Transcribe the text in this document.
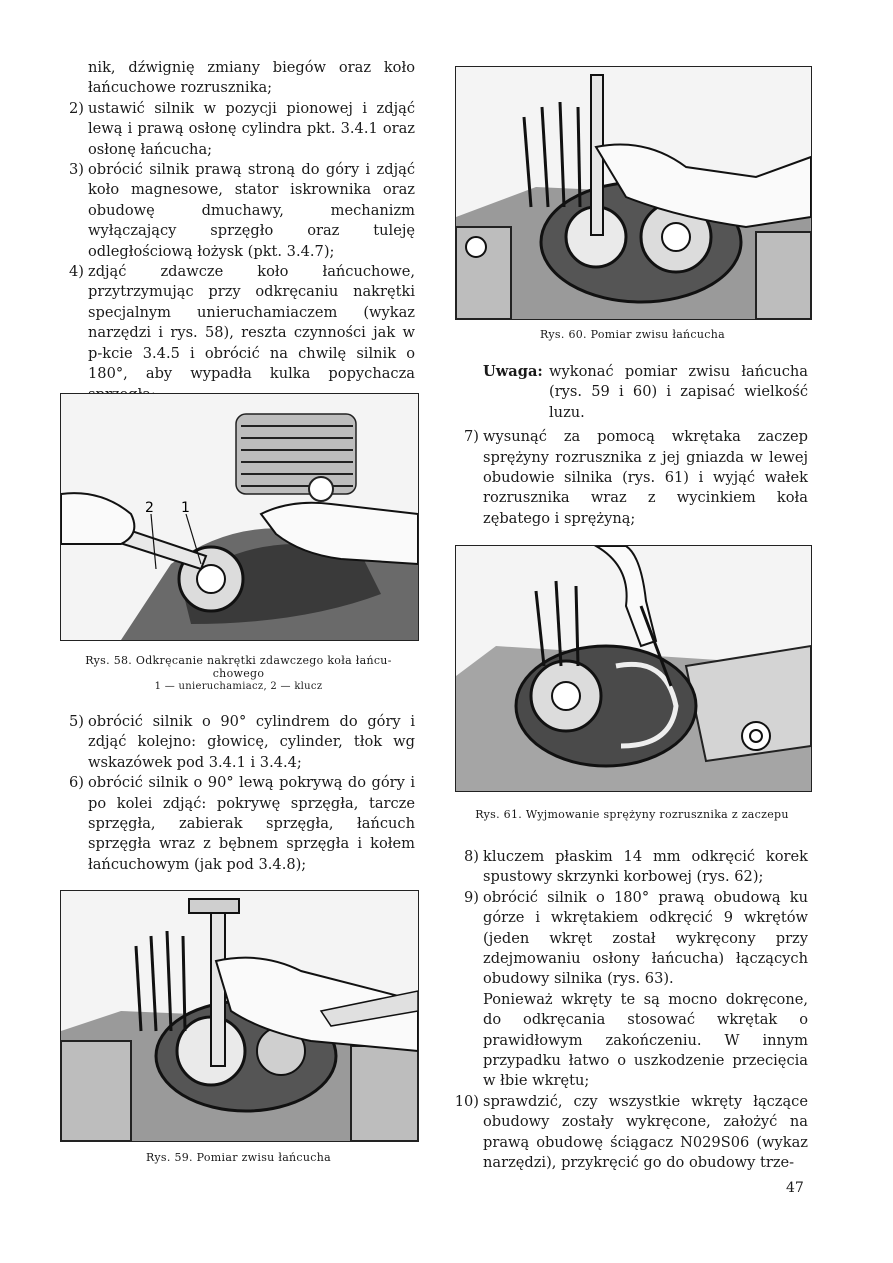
nik, dźwignię zmiany biegów oraz koło łańcuchowe rozrusznika;

2) ustawić silnik w pozycji pionowej i zdjąć lewą i prawą osłonę cylindra pkt. 3.4.1 oraz osłonę łańcucha;

3) obrócić silnik prawą stroną do góry i zdjąć koło magnesowe, stator iskrownika oraz obudowę dmuchawy, mechanizm wyłączający sprzęgło oraz tuleję odległościową łożysk (pkt. 3.4.7);

4) zdjąć zdawcze koło łańcuchowe, przytrzymując przy odkręcaniu nakrętki specjalnym unieruchamiaczem (wykaz narzędzi i rys. 58), reszta czynności jak w p-kcie 3.4.5 i obrócić na chwilę silnik o 180°, aby wypadła kulka popychacza

2 1
Rys. 58. Odkręcanie nakrętki zdawczego koła łańcu-
chowego
1 — unieruchamiacz, 2 — klucz
5) obrócić silnik o 90° cylindrem do góry i zdjąć kolejno: głowicę, cylinder, tłok wg wskazówek pod 3.4.1 i 3.4.4;

6) obrócić silnik o 90° lewą pokrywą do góry i po kolei zdjąć: pokrywę sprzęgła, tarcze sprzęgła, zabierak sprzęgła, łańcuch sprzęgła wraz z bębnem sprzęgła i kołem łańcuchowym (jak pod 3.4.8);

Rys. 59. Pomiar zwisu łańcucha
Rys. 60. Pomiar zwisu łańcucha
Uwaga: wykonać pomiar zwisu łańcucha (rys. 59 i 60) i zapisać wielkość luzu.

7) wysunąć za pomocą wkrętaka zaczep sprężyny rozrusznika z jej gniazda w lewej obudowie silnika (rys. 61) i wyjąć wałek rozrusznika wraz z wycinkiem koła zębatego i sprężyną;

Rys. 61. Wyjmowanie sprężyny rozrusznika z zaczepu
8) kluczem płaskim 14 mm odkręcić korek spustowy skrzynki korbowej (rys. 62);

9) obrócić silnik o 180° prawą obudową ku górze i wkrętakiem odkręcić 9 wkrętów (jeden wkręt został wykręcony przy zdejmowaniu osłony łańcucha) łączących obudowy silnika (rys. 63).

Ponieważ wkręty te są mocno dokręcone, do odkręcania stosować wkrętak o prawidłowym zakończeniu. W innym przypadku łatwo o uszkodzenie przecięcia w łbie wkrętu;

10) sprawdzić, czy wszystkie wkręty łączące obudowy zostały wykręcone, założyć na prawą obudowę ściągacz N029S06 (wykaz narzędzi), przykręcić go do obudowy trze-

47
